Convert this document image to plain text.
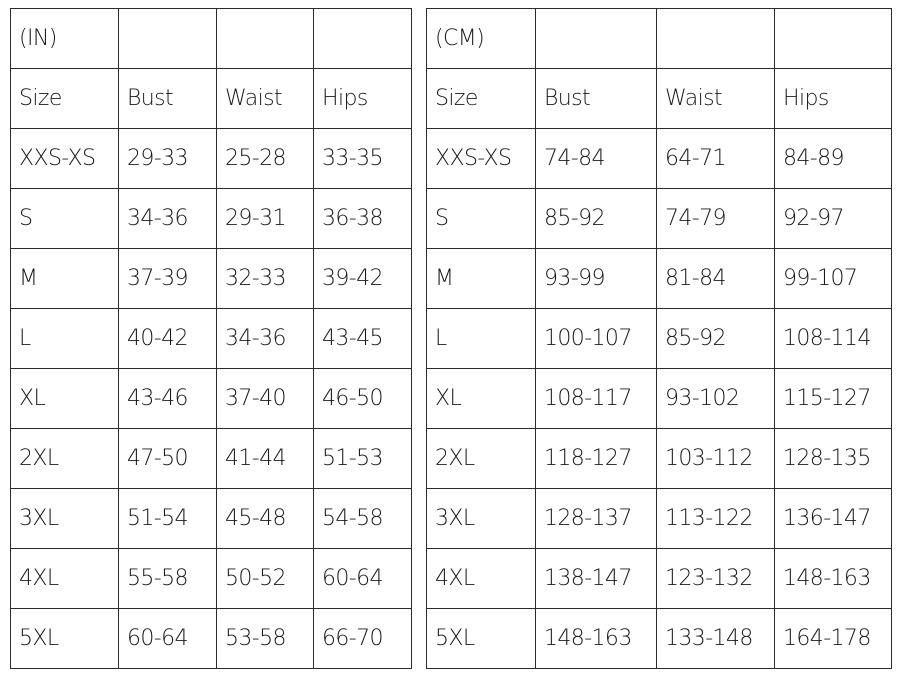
(IN)			
Size	Bust	Waist	Hips
XXS-XS	29-33	25-28	33-35
S	34-36	29-31	36-38
M	37-39	32-33	39-42
L	40-42	34-36	43-45
XL	43-46	37-40	46-50
2XL	47-50	41-44	51-53
3XL	51-54	45-48	54-58
4XL	55-58	50-52	60-64
5XL	60-64	53-58	66-70
(CM)			
Size	Bust	Waist	Hips
XXS-XS	74-84	64-71	84-89
S	85-92	74-79	92-97
M	93-99	81-84	99-107
L	100-107	85-92	108-114
XL	108-117	93-102	115-127
2XL	118-127	103-112	128-135
3XL	128-137	113-122	136-147
4XL	138-147	123-132	148-163
5XL	148-163	133-148	164-178
